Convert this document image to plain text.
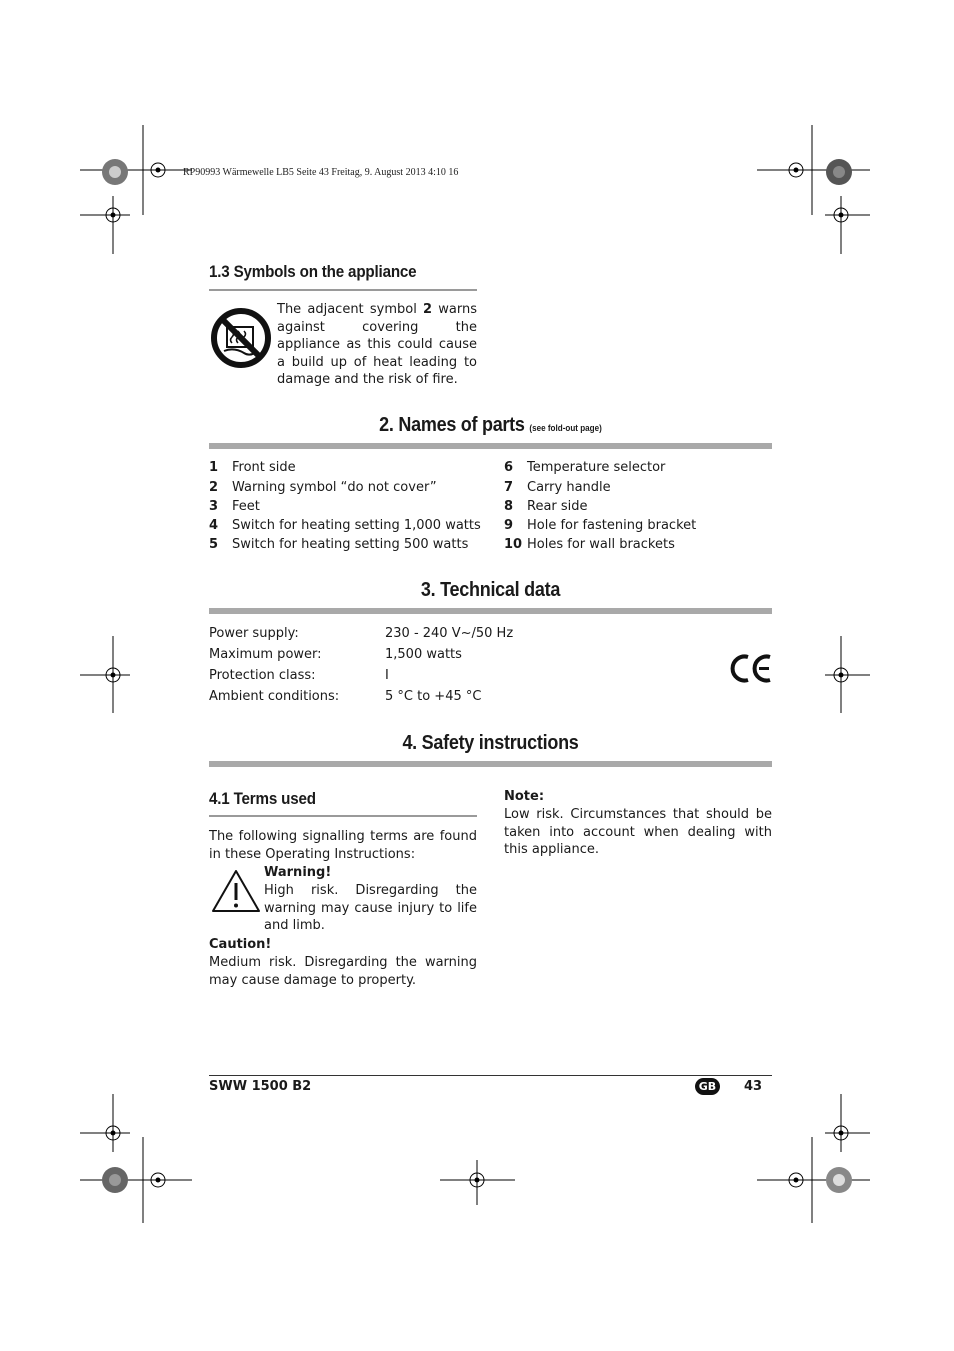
RP90993 Wärmewelle LB5 Seite 43 Freitag, 9. August 2013 4:10 16
1.3 Symbols on the appliance
The adjacent symbol 2 warns against covering the appliance as this could cause a build up of heat leading to damage and the risk of fire.
2. Names of parts (see fold-out page)
1 Front side
2 Warning symbol “do not cover”
3 Feet
4 Switch for heating setting 1,000 watts
5 Switch for heating setting 500 watts
6 Temperature selector
7 Carry handle
8 Rear side
9 Hole for fastening bracket
10 Holes for wall brackets
3. Technical data
Power supply:	230 - 240 V~/50 Hz
Maximum power:	1,500 watts
Protection class:	I
Ambient conditions:	5 °C to +45 °C
4. Safety instructions
4.1 Terms used
The following signalling terms are found in these Operating Instructions:
Warning!
High risk. Disregarding the warning may cause injury to life and limb.
Caution!
Medium risk. Disregarding the warning may cause damage to property.
Note:
Low risk. Circumstances that should be taken into account when dealing with this appliance.
SWW 1500 B2	GB 43
